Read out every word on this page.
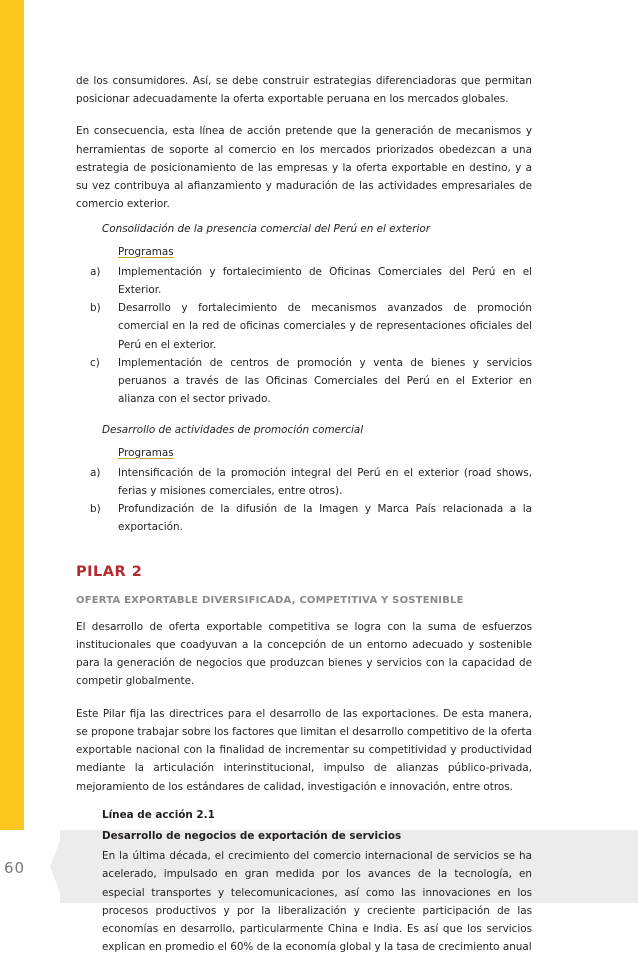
60

de los consumidores. Así, se debe construir estrategias diferenciadoras que permitan posicionar adecuadamente la oferta exportable peruana en los mercados globales.

En consecuencia, esta línea de acción pretende que la generación de mecanismos y herramientas de soporte al comercio en los mercados priorizados obedezcan a una estrategia de posicionamiento de las empresas y la oferta exportable en destino, y a su vez contribuya al afianzamiento y maduración de las actividades empresariales de comercio exterior.

Consolidación de la presencia comercial del Perú en el exterior
Programas
a)	Implementación y fortalecimiento de Oficinas Comerciales del Perú en el Exterior.
b)	Desarrollo y fortalecimiento de mecanismos avanzados de promoción comercial en la red de oficinas comerciales y de representaciones oficiales del Perú en el exterior.
c)	Implementación de centros de promoción y venta de bienes y servicios peruanos a través de las Oficinas Comerciales del Perú en el Exterior en alianza con el sector privado.
Desarrollo de actividades de promoción comercial
Programas
a)	Intensificación de la promoción integral del Perú en el exterior (road shows, ferias y misiones comerciales, entre otros).
b)	Profundización de la difusión de la Imagen y Marca País relacionada a la exportación.
PILAR 2
OFERTA EXPORTABLE DIVERSIFICADA, COMPETITIVA Y SOSTENIBLE

El desarrollo de oferta exportable competitiva se logra con la suma de esfuerzos institucionales que coadyuvan a la concepción de un entorno adecuado y sostenible para la generación de negocios que produzcan bienes y servicios con la capacidad de competir globalmente.

Este Pilar fija las directrices para el desarrollo de las exportaciones. De esta manera, se propone trabajar sobre los factores que limitan el desarrollo competitivo de la oferta exportable nacional con la finalidad de incrementar su competitividad y productividad mediante la articulación interinstitucional, impulso de alianzas público-privada, mejoramiento de los estándares de calidad, investigación e innovación, entre otros.

Línea de acción 2.1
Desarrollo de negocios de exportación de servicios

En la última década, el crecimiento del comercio internacional de servicios se ha acelerado, impulsado en gran medida por los avances de la tecnología, en especial transportes y telecomunicaciones, así como las innovaciones en los procesos productivos y por la liberalización y creciente participación de las economías en desarrollo, particularmente China e India. Es así que los servicios explican en promedio el 60% de la economía global y la tasa de crecimiento anual
